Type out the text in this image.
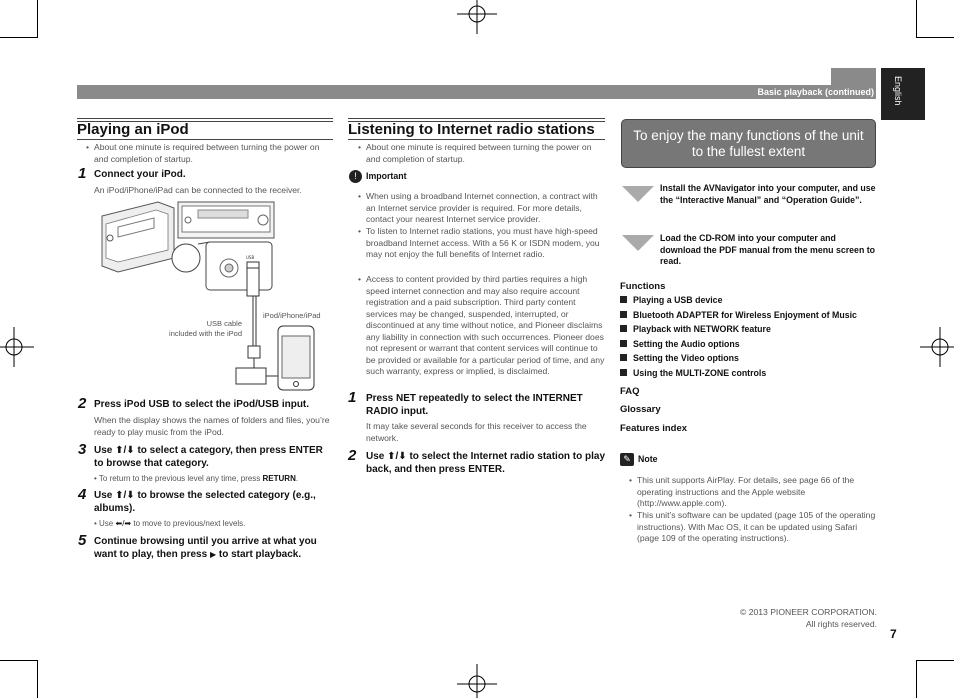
Basic playback (continued) English
Playing an iPod
• About one minute is required between turning the power on and completion of startup.
1 Connect your iPod.
An iPod/iPhone/iPad can be connected to the receiver.
USB
iPod/iPhone/iPad
USB cable
included with the iPod
2 Press iPod USB to select the iPod/USB input.
When the display shows the names of folders and files, you’re ready to play music from the iPod.
3 Use ⬆/⬇ to select a category, then press ENTER to browse that category.
• To return to the previous level any time, press RETURN.
4 Use ⬆/⬇ to browse the selected category (e.g., albums).
• Use ⬅/➡ to move to previous/next levels.
5 Continue browsing until you arrive at what you want to play, then press ▶ to start playback.
Listening to Internet radio stations
• About one minute is required between turning the power on and completion of startup.
!	Important
• When using a broadband Internet connection, a contract with an Internet service provider is required. For more details, contact your nearest Internet service provider.
• To listen to Internet radio stations, you must have high-speed broadband Internet access. With a 56 K or ISDN modem, you may not enjoy the full benefits of Internet radio.
• Access to content provided by third parties requires a high speed internet connection and may also require account registration and a paid subscription. Third party content services may be changed, suspended, interrupted, or discontinued at any time without notice, and Pioneer disclaims any liability in connection with such occurrences. Pioneer does not represent or warrant that content services will continue to be provided or available for a particular period of time, and any such warranty, express or implied, is disclaimed.
1 Press NET repeatedly to select the INTERNET RADIO input.
It may take several seconds for this receiver to access the network.
2 Use ⬆/⬇ to select the Internet radio station to play back, and then press ENTER.
To enjoy the many functions of the unit to the fullest extent
Install the AVNavigator into your computer, and use the “Interactive Manual” and “Operation Guide”.
Load the CD-ROM into your computer and download the PDF manual from the menu screen to read.
Functions
Playing a USB device
Bluetooth ADAPTER for Wireless Enjoyment of Music
Playback with NETWORK feature
Setting the Audio options
Setting the Video options
Using the MULTI-ZONE controls
FAQ
Glossary
Features index
✎ Note
• This unit supports AirPlay. For details, see page 66 of the operating instructions and the Apple website (http://www.apple.com).
• This unit’s software can be updated (page 105 of the operating instructions). With Mac OS, it can be updated using Safari (page 109 of the operating instructions).
© 2013 PIONEER CORPORATION.
All rights reserved.
7
